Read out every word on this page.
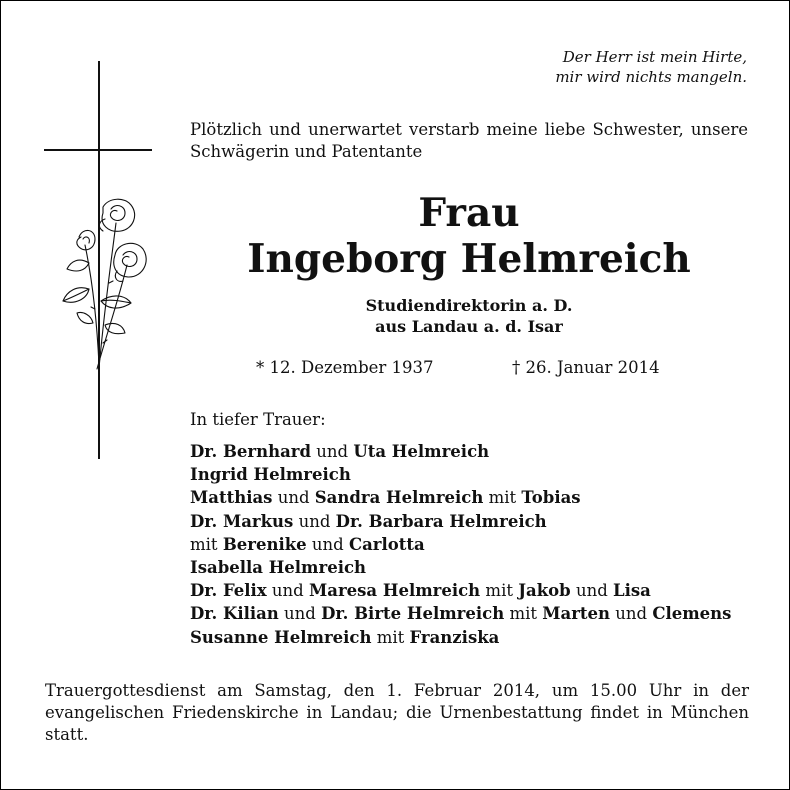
Der Herr ist mein Hirte,
mir wird nichts mangeln.
Plötzlich und unerwartet verstarb meine liebe Schwester, unsere Schwägerin und Patentante
Frau
Ingeborg Helmreich
Studiendirektorin a. D.
aus Landau a. d. Isar
* 12. Dezember 1937	† 26. Januar 2014
In tiefer Trauer:
Dr. Bernhard und Uta Helmreich
Ingrid Helmreich
Matthias und Sandra Helmreich mit Tobias
Dr. Markus und Dr. Barbara Helmreich
mit Berenike und Carlotta
Isabella Helmreich
Dr. Felix und Maresa Helmreich mit Jakob und Lisa
Dr. Kilian und Dr. Birte Helmreich mit Marten und Clemens
Susanne Helmreich mit Franziska
Trauergottesdienst am Samstag, den 1. Februar 2014, um 15.00 Uhr in der evangelischen Friedenskirche in Landau; die Urnenbestattung findet in München statt.
